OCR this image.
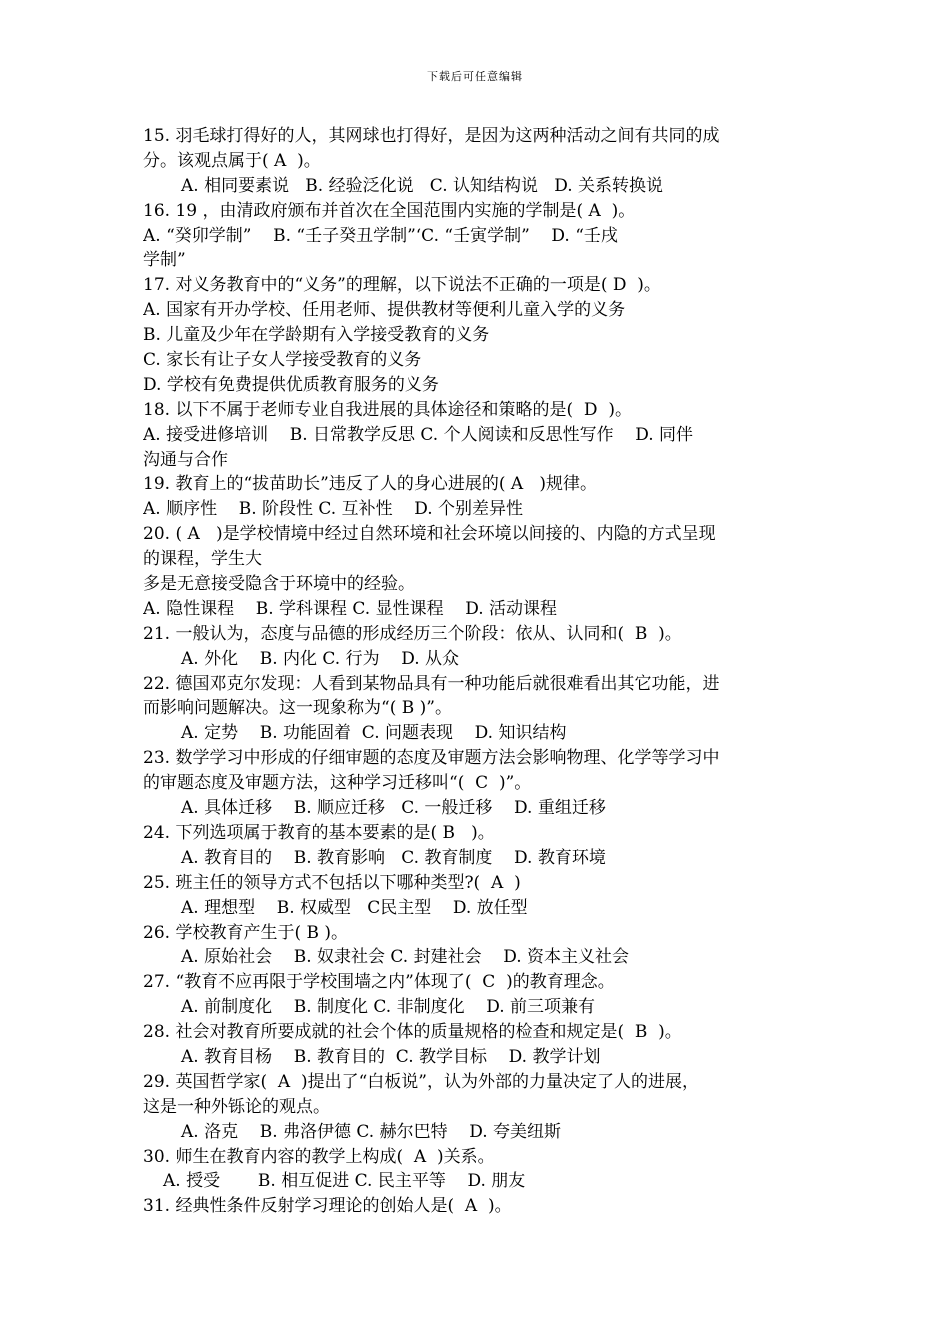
下载后可任意编辑
15. 羽毛球打得好的人，其网球也打得好，是因为这两种活动之间有共同的成
分。该观点属于( A  )。
A. 相同要素说   B. 经验泛化说   C. 认知结构说   D. 关系转换说
16. 19 ，由清政府颁布并首次在全国范围内实施的学制是( A  )。
A. “癸卯学制”    B. “壬子癸丑学制”‘C. “壬寅学制”    D. “壬戌
学制”
17. 对义务教育中的“义务”的理解，以下说法不正确的一项是( D  )。
A. 国家有开办学校、任用老师、提供教材等便利儿童入学的义务
B. 儿童及少年在学龄期有入学接受教育的义务
C. 家长有让子女人学接受教育的义务
D. 学校有免费提供优质教育服务的义务
18. 以下不属于老师专业自我进展的具体途径和策略的是(  D  )。
A. 接受进修培训    B. 日常教学反思 C. 个人阅读和反思性写作    D. 同伴
沟通与合作
19. 教育上的“拔苗助长”违反了人的身心进展的( A   )规律。
A. 顺序性    B. 阶段性 C. 互补性    D. 个别差异性
20. ( A   )是学校情境中经过自然环境和社会环境以间接的、内隐的方式呈现
的课程，学生大
多是无意接受隐含于环境中的经验。
A. 隐性课程    B. 学科课程 C. 显性课程    D. 活动课程
21. 一般认为，态度与品德的形成经历三个阶段：依从、认同和(  B  )。
A. 外化    B. 内化 C. 行为    D. 从众
22. 德国邓克尔发现：人看到某物品具有一种功能后就很难看出其它功能，进
而影响问题解决。这一现象称为“( B )”。
A. 定势    B. 功能固着  C. 问题表现    D. 知识结构
23. 数学学习中形成的仔细审题的态度及审题方法会影响物理、化学等学习中
的审题态度及审题方法，这种学习迁移叫“(  C  )”。
A. 具体迁移    B. 顺应迁移   C. 一般迁移    D. 重组迁移
24. 下列选项属于教育的基本要素的是( B   )。
A. 教育目的    B. 教育影响   C. 教育制度    D. 教育环境
25. 班主任的领导方式不包括以下哪种类型?(  A  )
A. 理想型    B. 权威型   C民主型    D. 放任型
26. 学校教育产生于( B )。
A. 原始社会    B. 奴隶社会 C. 封建社会    D. 资本主义社会
27. “教育不应再限于学校围墙之内”体现了(  C  )的教育理念。
A. 前制度化    B. 制度化 C. 非制度化    D. 前三项兼有
28. 社会对教育所要成就的社会个体的质量规格的检查和规定是(  B  )。
A. 教育目杨    B. 教育目的  C. 教学目标    D. 教学计划
29. 英国哲学家(  A  )提出了“白板说”，认为外部的力量决定了人的进展，
这是一种外铄论的观点。
A. 洛克    B. 弗洛伊德 C. 赫尔巴特    D. 夸美纽斯
30. 师生在教育内容的教学上构成(  A  )关系。
A. 授受       B. 相互促进 C. 民主平等    D. 朋友
31. 经典性条件反射学习理论的创始人是(  A  )。
